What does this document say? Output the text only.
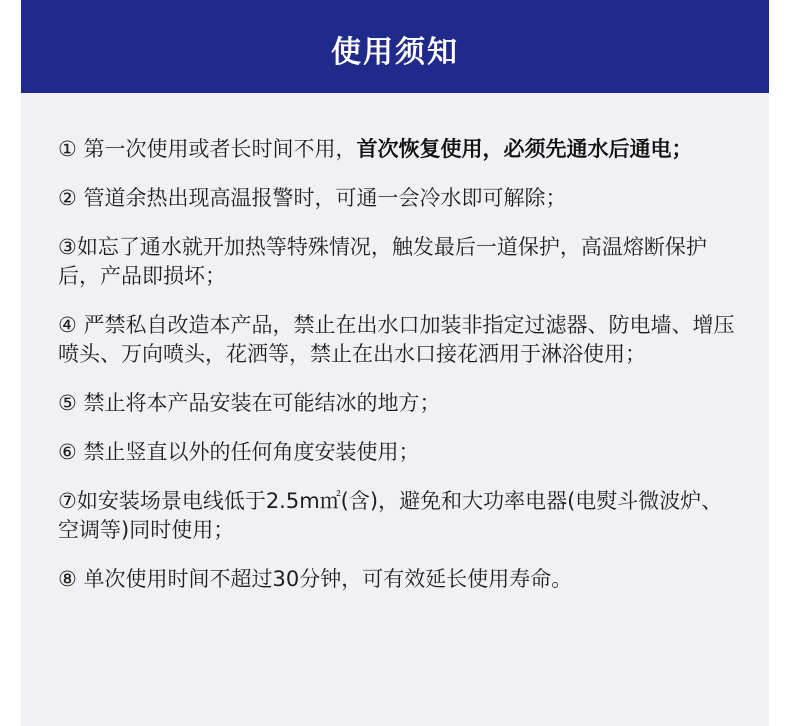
使用须知
① 第一次使用或者长时间不用，首次恢复使用，必须先通水后通电；
② 管道余热出现高温报警时，可通一会冷水即可解除；
③如忘了通水就开加热等特殊情况，触发最后一道保护，高温熔断保护后，产品即损坏；
④ 严禁私自改造本产品，禁止在出水口加装非指定过滤器、防电墙、增压喷头、万向喷头，花洒等，禁止在出水口接花洒用于淋浴使用；
⑤ 禁止将本产品安装在可能结冰的地方；
⑥ 禁止竖直以外的任何角度安装使用；
⑦如安装场景电线低于2.5m㎡(含)，避免和大功率电器(电熨斗微波炉、空调等)同时使用；
⑧ 单次使用时间不超过30分钟，可有效延长使用寿命。
